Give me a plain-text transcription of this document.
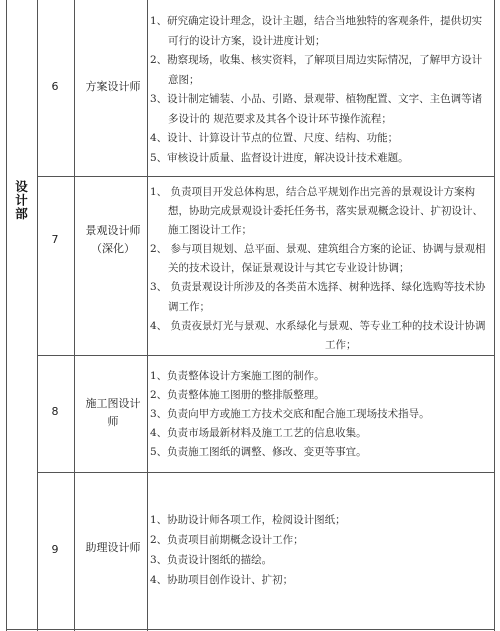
设计部
6	方案设计师

1、研究确定设计理念，设计主题，结合当地独特的客观条件，提供切实

可行的设计方案，设计进度计划；

2、勘察现场，收集、核实资料，了解项目周边实际情况，了解甲方设计

意图；

3、设计制定铺装、小品、引路、景观带、植物配置、文字、主色调等诸

多设计的 规范要求及其各个设计环节操作流程；

4、设计、计算设计节点的位置、尺度、结构、功能；

5、审核设计质量、监督设计进度，解决设计技术难题。

7
景观设计师
（深化）

1、 负责项目开发总体构思，结合总平规划作出完善的景观设计方案构

想，协助完成景观设计委托任务书，落实景观概念设计、扩初设计、

施工图设计工作；

2、 参与项目规划、总平面、景观、建筑组合方案的论证、协调与景观相

关的技术设计，保证景观设计与其它专业设计协调；

3、 负责景观设计所涉及的各类苗木选择、树种选择、绿化选购等技术协

调工作；

4、 负责夜景灯光与景观、水系绿化与景观、等专业工种的技术设计协调

工作；

8
施工图设计
师

1、负责整体设计方案施工图的制作。

2、负责整体施工图册的整排版整理。

3、负责向甲方或施工方技术交底和配合施工现场技术指导。

4、负责市场最新材料及施工工艺的信息收集。

5、负责施工图纸的调整、修改、变更等事宜。

9	助理设计师

1、协助设计师各项工作，检阅设计图纸；

2、负责项目前期概念设计工作；

3、负责设计图纸的描绘。

4、协助项目创作设计、扩初；
